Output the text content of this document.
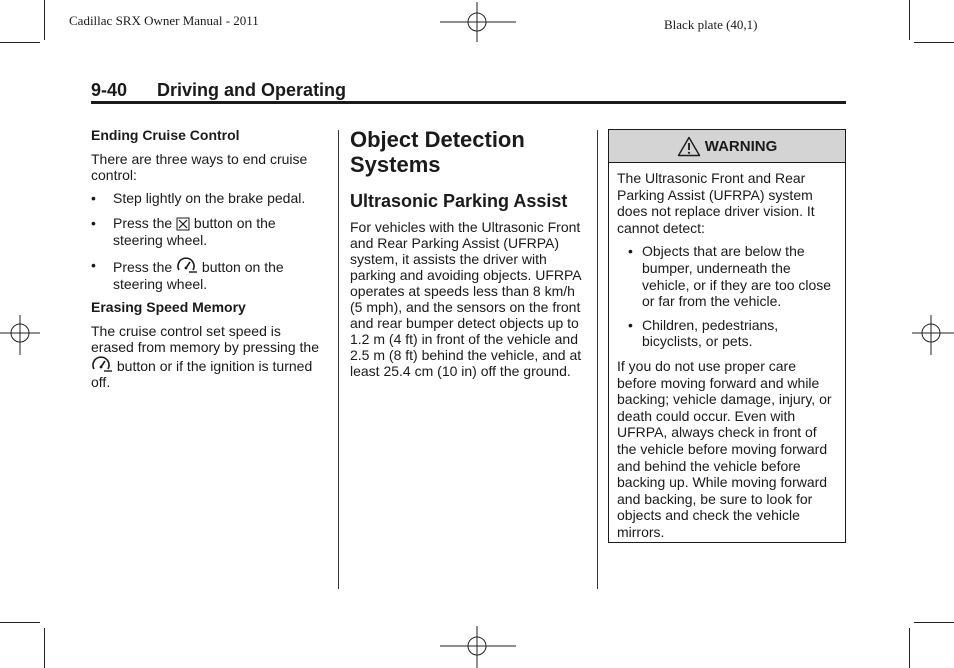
Cadillac SRX Owner Manual - 2011	Black plate (40,1)
9-40 Driving and Operating

Ending Cruise Control

There are three ways to end cruise control:

• Step lightly on the brake pedal.
• Press the  button on the steering wheel.
• Press the  button on the steering wheel.

Erasing Speed Memory

The cruise control set speed is erased from memory by pressing the  button or if the ignition is turned off.

Object Detection Systems

Ultrasonic Parking Assist

For vehicles with the Ultrasonic Front and Rear Parking Assist (UFRPA) system, it assists the driver with parking and avoiding objects. UFRPA operates at speeds less than 8 km/h (5 mph), and the sensors on the front and rear bumper detect objects up to 1.2 m (4 ft) in front of the vehicle and 2.5 m (8 ft) behind the vehicle, and at least 25.4 cm (10 in) off the ground.

WARNING

The Ultrasonic Front and Rear Parking Assist (UFRPA) system does not replace driver vision. It cannot detect:

• Objects that are below the bumper, underneath the vehicle, or if they are too close or far from the vehicle.
• Children, pedestrians, bicyclists, or pets.

If you do not use proper care before moving forward and while backing; vehicle damage, injury, or death could occur. Even with UFRPA, always check in front of the vehicle before moving forward and behind the vehicle before backing up. While moving forward and backing, be sure to look for objects and check the vehicle mirrors.
